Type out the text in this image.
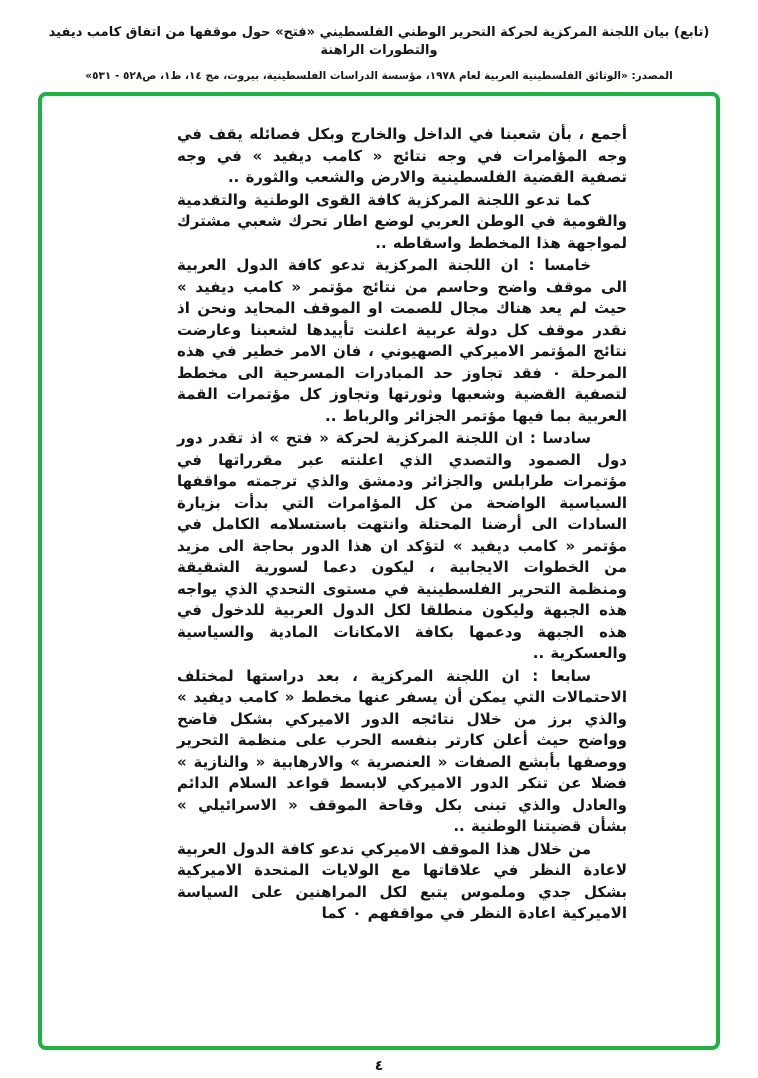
(تابع) بيان اللجنة المركزية لحركة التحرير الوطني الفلسطيني «فتح» حول موقفها من اتفاق كامب ديفيد والتطورات الراهنة
المصدر: «الوثائق الفلسطينية العربية لعام ١٩٧٨، مؤسسة الدراسات الفلسطينية، بيروت، مج ١٤، ط١، ص٥٢٨ - ٥٣١»

أجمع ، بأن شعبنا في الداخل والخارج وبكل فصائله يقف في وجه المؤامرات في وجه نتائج « كامب ديفيد » في وجه تصفية القضية الفلسطينية والارض والشعب والثورة ..

كما تدعو اللجنة المركزية كافة القوى الوطنية والتقدمية والقومية في الوطن العربي لوضع اطار تحرك شعبي مشترك لمواجهة هذا المخطط واسقاطه ..

خامسا : ان اللجنة المركزية تدعو كافة الدول العربية الى موقف واضح وحاسم من نتائج مؤتمر « كامب ديفيد » حيث لم يعد هناك مجال للصمت او الموقف المحايد ونحن اذ نقدر موقف كل دولة عربية اعلنت تأييدها لشعبنا وعارضت نتائج المؤتمر الاميركي الصهيوني ، فان الامر خطير في هذه المرحلة ٠ فقد تجاوز حد المبادرات المسرحية الى مخطط لتصفية القضية وشعبها وثورتها وتجاوز كل مؤتمرات القمة العربية بما فيها مؤتمر الجزائر والرباط ..

سادسا : ان اللجنة المركزية لحركة « فتح » اذ تقدر دور دول الصمود والتصدي الذي اعلنته عبر مقرراتها في مؤتمرات طرابلس والجزائر ودمشق والذي ترجمته مواقفها السياسية الواضحة من كل المؤامرات التي بدأت بزيارة السادات الى أرضنا المحتلة وانتهت باستسلامه الكامل في مؤتمر « كامب ديفيد » لتؤكد ان هذا الدور بحاجة الى مزيد من الخطوات الايجابية ، ليكون دعما لسورية الشقيقة ومنظمة التحرير الفلسطينية في مستوى التحدي الذي يواجه هذه الجبهة وليكون منطلقا لكل الدول العربية للدخول في هذه الجبهة ودعمها بكافة الامكانات المادية والسياسية والعسكرية ..

سابعا : ان اللجنة المركزية ، بعد دراستها لمختلف الاحتمالات التي يمكن أن يسفر عنها مخطط « كامب ديفيد » والذي برز من خلال نتائجه الدور الاميركي بشكل فاضح وواضح حيث أعلن كارتر بنفسه الحرب على منظمة التحرير ووصفها بأبشع الصفات « العنصرية » والارهابية « والنازية » فضلا عن تنكر الدور الاميركي لابسط قواعد السلام الدائم والعادل والذي تبنى بكل وقاحة الموقف « الاسرائيلي » بشأن قضيتنا الوطنية ..

من خلال هذا الموقف الاميركي ندعو كافة الدول العربية لاعادة النظر في علاقاتها مع الولايات المتحدة الاميركية بشكل جدي وملموس يتبع لكل المراهنين على السياسة الاميركية اعادة النظر في مواقفهم ٠ كما

٤
